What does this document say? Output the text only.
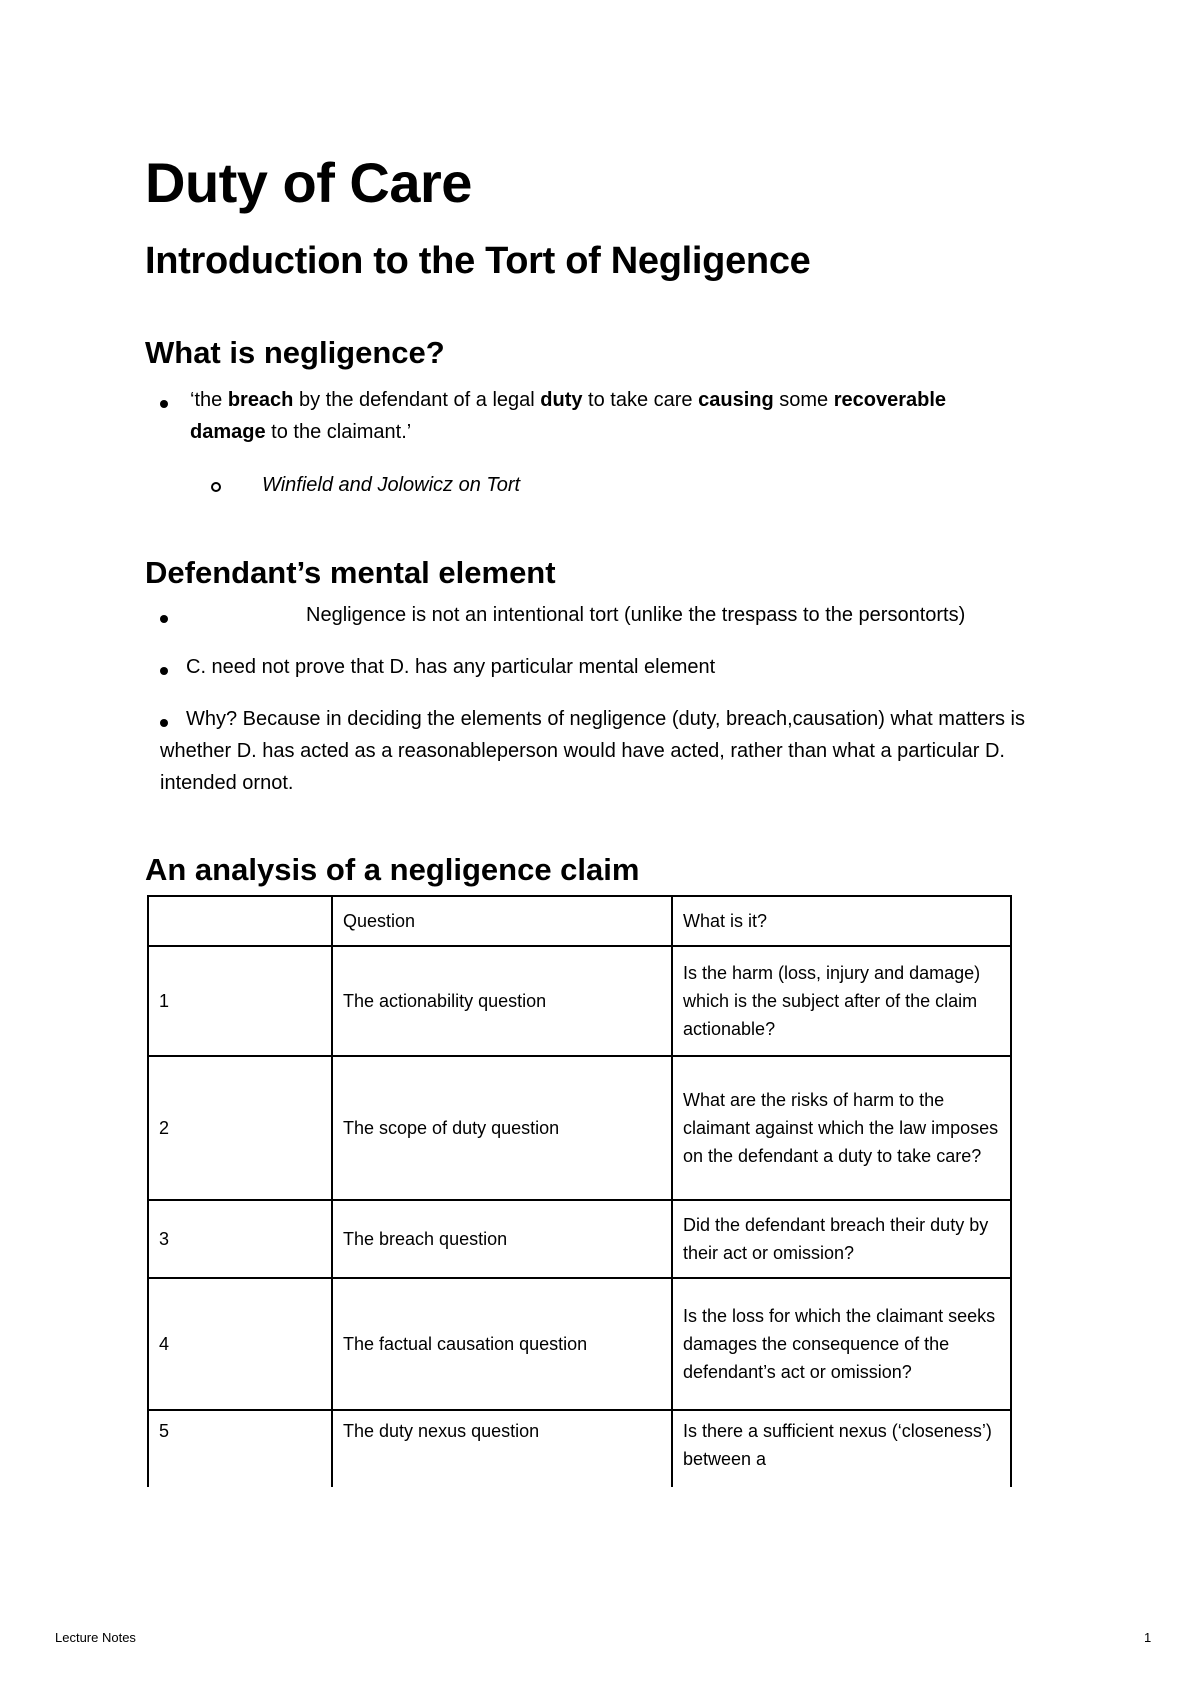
Duty of Care
Introduction to the Tort of Negligence
What is negligence?

‘the breach by the defendant of a legal duty to take care causing some recoverable
damage to the claimant.’

Winfield and Jolowicz on Tort

Defendant’s mental element

Negligence is not an intentional tort (unlike the trespass to the persontorts)

C. need not prove that D. has any particular mental element

Why? Because in deciding the elements of negligence (duty, breach,causation) what matters is whether D. has acted as a reasonableperson would have acted, rather than what a particular D. intended ornot.

An analysis of a negligence claim
	Question	What is it?
1	The actionability question	Is the harm (loss, injury and damage) which is the subject after of the claim actionable?
2	The scope of duty question	What are the risks of harm to the claimant against which the law imposes on the defendant a duty to take care?
3	The breach question	Did the defendant breach their duty by their act or omission?
4	The factual causation question	Is the loss for which the claimant seeks damages the consequence of the defendant’s act or omission?
5	The duty nexus question	Is there a sufficient nexus (‘closeness’) between a
Lecture Notes	1
